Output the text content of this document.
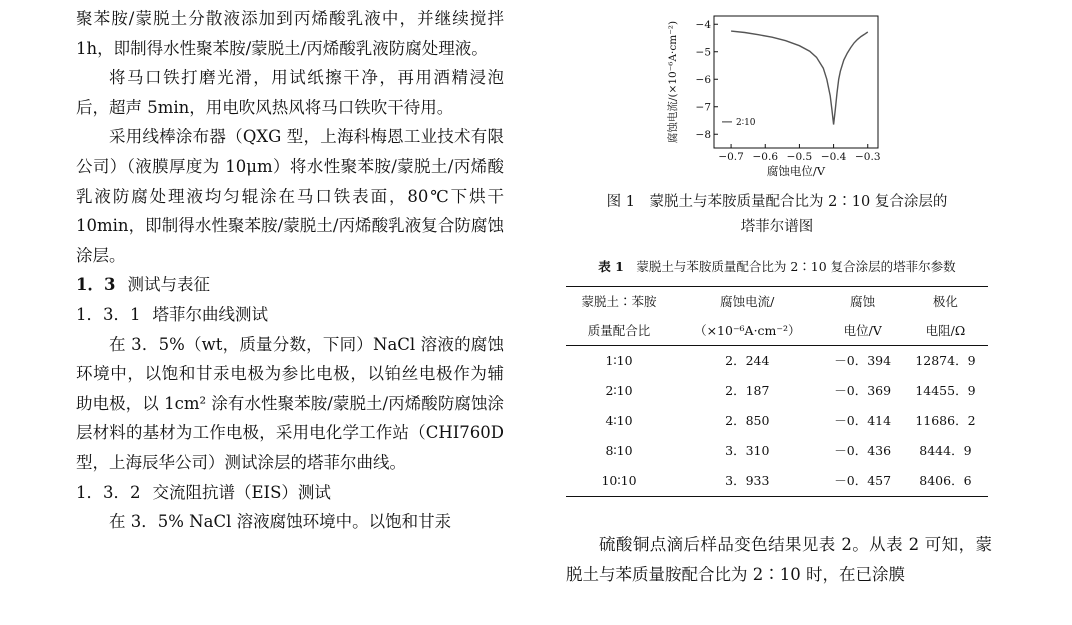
聚苯胺/蒙脱土分散液添加到丙烯酸乳液中，并继续搅拌 1h，即制得水性聚苯胺/蒙脱土/丙烯酸乳液防腐处理液。

将马口铁打磨光滑，用试纸擦干净，再用酒精浸泡后，超声 5min，用电吹风热风将马口铁吹干待用。

采用线棒涂布器（QXG 型，上海科梅恩工业技术有限公司）（液膜厚度为 10μm）将水性聚苯胺/蒙脱土/丙烯酸乳液防腐处理液均匀辊涂在马口铁表面，80℃下烘干 10min，即制得水性聚苯胺/蒙脱土/丙烯酸乳液复合防腐蚀涂层。

1．3 测试与表征

1．3．1 塔菲尔曲线测试

在 3．5%（wt，质量分数，下同）NaCl 溶液的腐蚀环境中，以饱和甘汞电极为参比电极，以铂丝电极作为辅助电极，以 1cm² 涂有水性聚苯胺/蒙脱土/丙烯酸防腐蚀涂层材料的基材为工作电极，采用电化学工作站（CHI760D 型，上海辰华公司）测试涂层的塔菲尔曲线。

1．3．2 交流阻抗谱（EIS）测试

在 3．5% NaCl 溶液腐蚀环境中。以饱和甘汞

−0.7 −0.6 −0.5 −0.4 −0.3
−4
−5
−6
−7
−8
2∶10
腐蚀电位/V
腐蚀电流/(×10⁻⁶A·cm⁻²)
图 1　蒙脱土与苯胺质量配合比为 2∶10 复合涂层的
塔菲尔谱图

表 1　 蒙脱土与苯胺质量配合比为 2∶10 复合涂层的塔菲尔参数

蒙脱土∶苯胺	腐蚀电流/	腐蚀	极化
质量配合比	（×10⁻⁶A·cm⁻²）	电位/V	电阻/Ω
1∶10	2．244	－0．394	12874．9
2∶10	2．187	－0．369	14455．9
4∶10	2．850	－0．414	11686．2
8∶10	3．310	－0．436	8444．9
10∶10	3．933	－0．457	8406．6

硫酸铜点滴后样品变色结果见表 2。从表 2 可知，蒙脱土与苯质量胺配合比为 2∶10 时，在已涂膜
